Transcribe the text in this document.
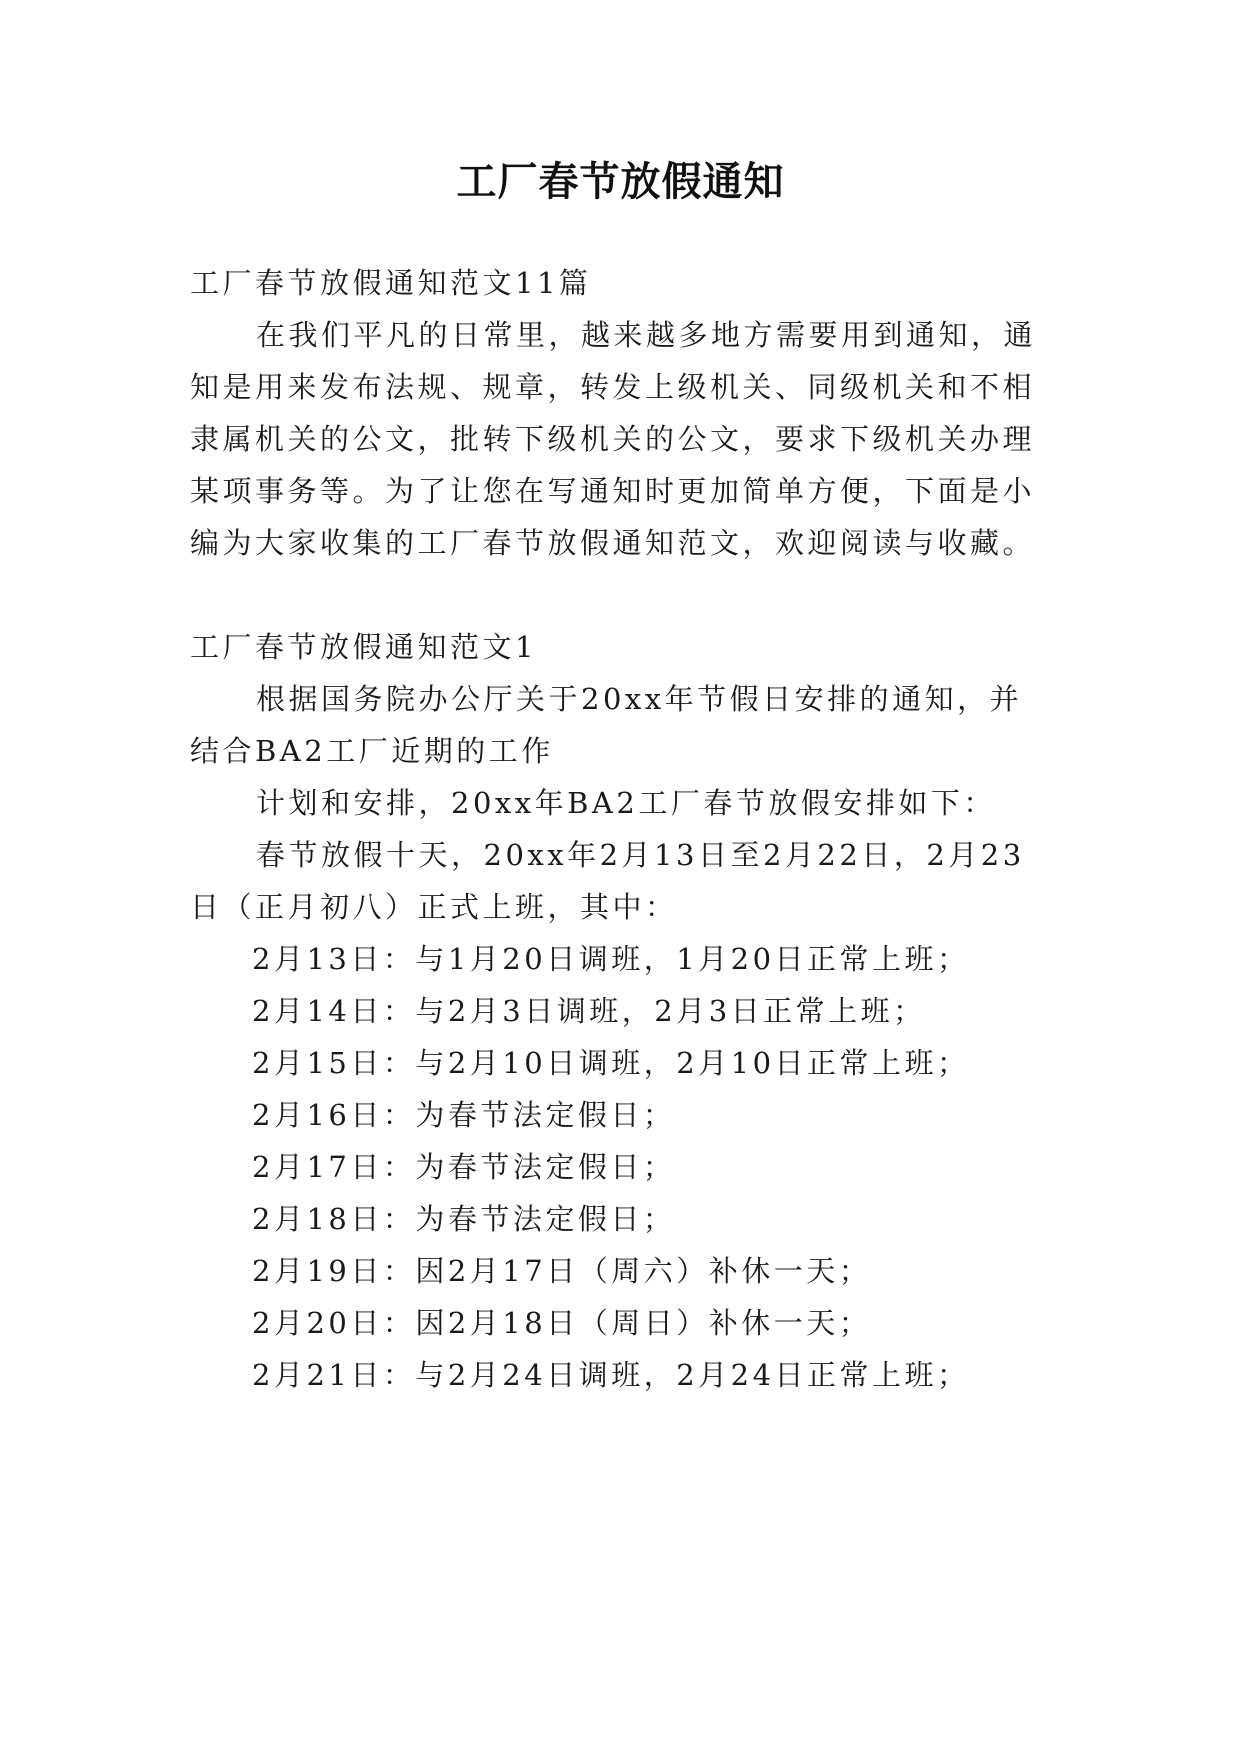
工厂春节放假通知
工厂春节放假通知范文11篇
在我们平凡的日常里，越来越多地方需要用到通知，通
知是用来发布法规、规章，转发上级机关、同级机关和不相
隶属机关的公文，批转下级机关的公文，要求下级机关办理
某项事务等。为了让您在写通知时更加简单方便，下面是小
编为大家收集的工厂春节放假通知范文，欢迎阅读与收藏。
工厂春节放假通知范文1
根据国务院办公厅关于20xx年节假日安排的通知，并
结合BA2工厂近期的工作
计划和安排，20xx年BA2工厂春节放假安排如下：
春节放假十天，20xx年2月13日至2月22日，2月23
日（正月初八）正式上班，其中：
2月13日：与1月20日调班，1月20日正常上班；
2月14日：与2月3日调班，2月3日正常上班；
2月15日：与2月10日调班，2月10日正常上班；
2月16日：为春节法定假日；
2月17日：为春节法定假日；
2月18日：为春节法定假日；
2月19日：因2月17日（周六）补休一天；
2月20日：因2月18日（周日）补休一天；
2月21日：与2月24日调班，2月24日正常上班；
